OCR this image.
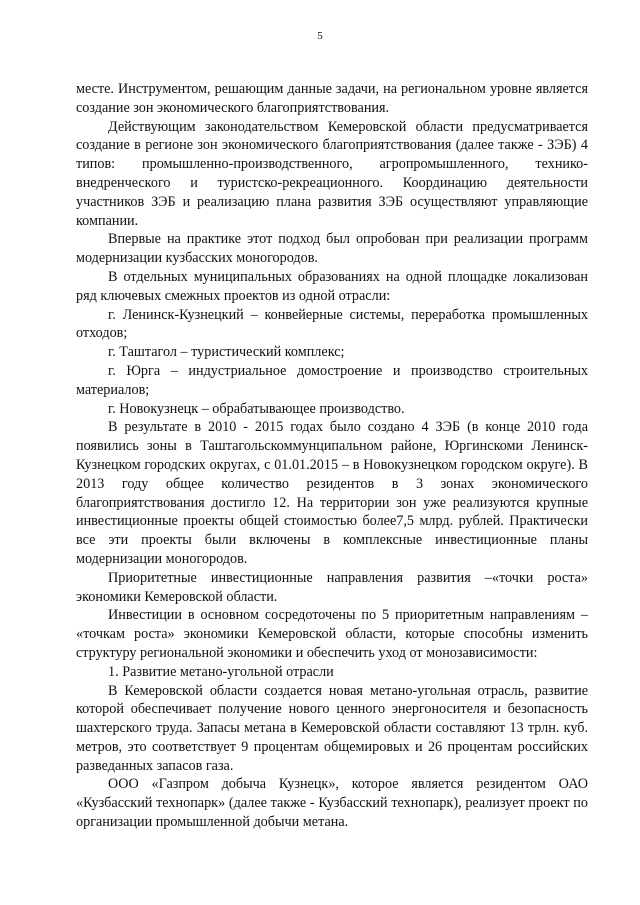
5

месте. Инструментом, решающим данные задачи, на региональном уровне является создание зон экономического благоприятствования.

Действующим законодательством Кемеровской области предусматривается создание в регионе зон экономического благоприятствования (далее также - ЗЭБ) 4 типов: промышленно-производственного, агропромышленного, технико-внедренческого и туристско-рекреационного. Координацию деятельности участников ЗЭБ и реализацию плана развития ЗЭБ осуществляют управляющие компании.

Впервые на практике этот подход был опробован при реализации программ модернизации кузбасских моногородов.

В отдельных муниципальных образованиях на одной площадке локализован ряд ключевых смежных проектов из одной отрасли:

г. Ленинск-Кузнецкий – конвейерные системы, переработка промышленных отходов;

г. Таштагол – туристический комплекс;

г. Юрга – индустриальное домостроение и производство строительных материалов;

г. Новокузнецк – обрабатывающее производство.

В результате в 2010 - 2015 годах было создано 4 ЗЭБ (в конце 2010 года появились зоны в Таштагольскоммунципальном районе, Юргинскоми Ленинск-Кузнецком городских округах, с 01.01.2015 – в Новокузнецком городском округе). В 2013 году общее количество резидентов в 3 зонах экономического благоприятствования достигло 12. На территории зон уже реализуются крупные инвестиционные проекты общей стоимостью более7,5 млрд. рублей. Практически все эти проекты были включены в комплексные инвестиционные планы модернизации моногородов.

Приоритетные инвестиционные направления развития –«точки роста» экономики Кемеровской области.

Инвестиции в основном сосредоточены по 5 приоритетным направлениям – «точкам роста» экономики Кемеровской области, которые способны изменить структуру региональной экономики и обеспечить уход от монозависимости:

1. Развитие метано-угольной отрасли

В Кемеровской области создается новая метано-угольная отрасль, развитие которой обеспечивает получение нового ценного энергоносителя и безопасность шахтерского труда. Запасы метана в Кемеровской области составляют 13 трлн. куб. метров, это соответствует 9 процентам общемировых и 26 процентам российских разведанных запасов газа.

ООО «Газпром добыча Кузнецк», которое является резидентом ОАО «Кузбасский технопарк» (далее также - Кузбасский технопарк), реализует проект по организации промышленной добычи метана.
